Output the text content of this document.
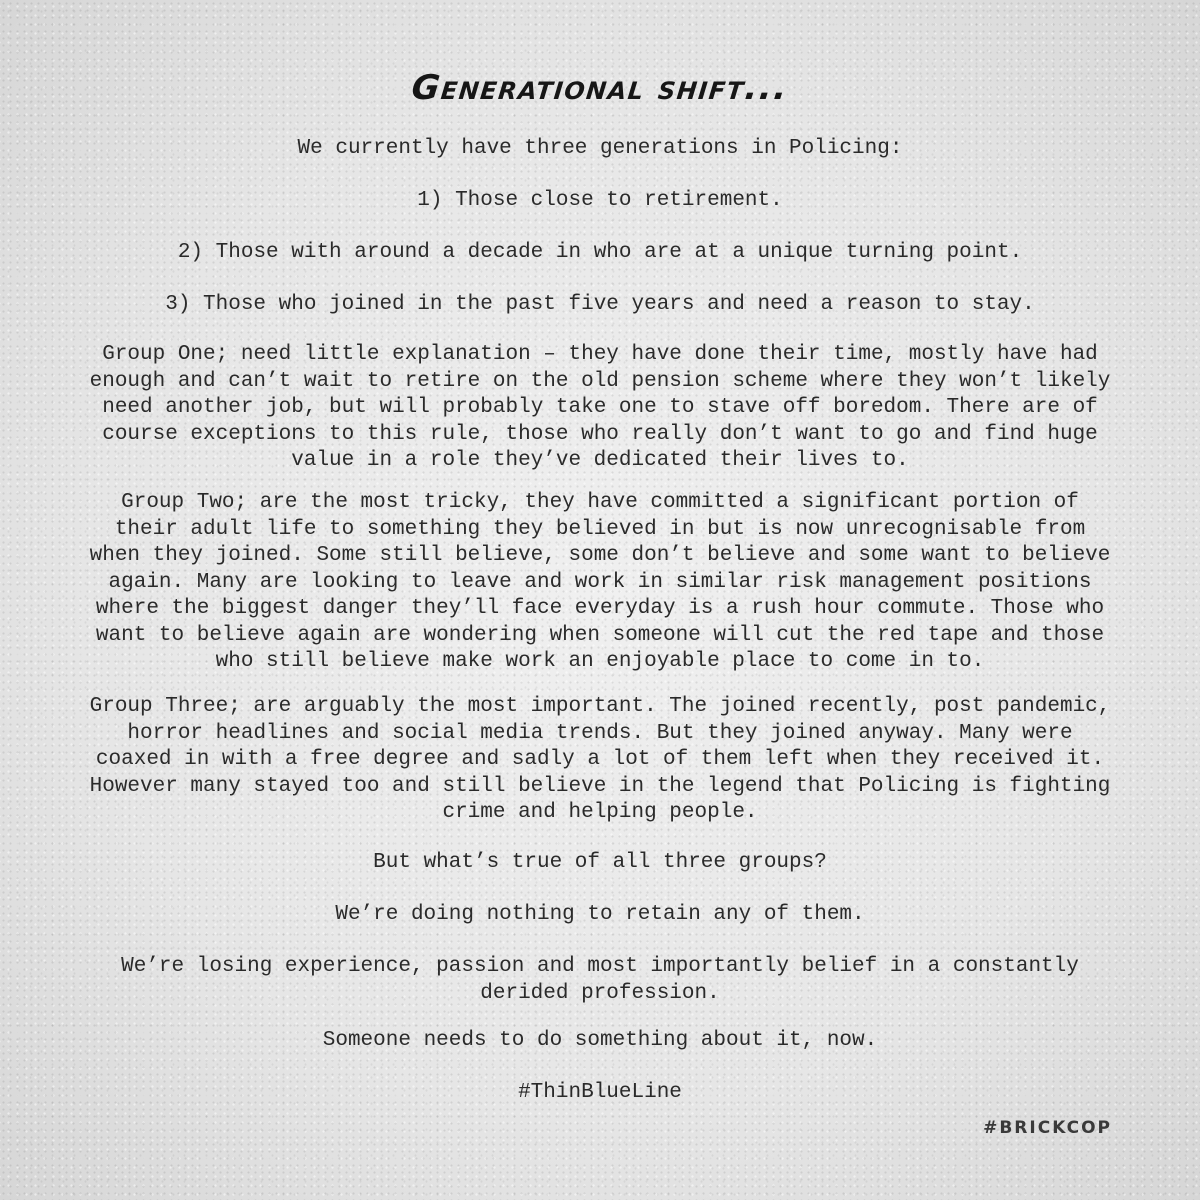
Generational shift...

We currently have three generations in Policing:

1) Those close to retirement.

2) Those with around a decade in who are at a unique turning point.

3) Those who joined in the past five years and need a reason to stay.

Group One; need little explanation – they have done their time, mostly have had
enough and can’t wait to retire on the old pension scheme where they won’t likely
need another job, but will probably take one to stave off boredom. There are of
course exceptions to this rule, those who really don’t want to go and find huge
value in a role they’ve dedicated their lives to.

Group Two; are the most tricky, they have committed a significant portion of
their adult life to something they believed in but is now unrecognisable from
when they joined. Some still believe, some don’t believe and some want to believe
again. Many are looking to leave and work in similar risk management positions
where the biggest danger they’ll face everyday is a rush hour commute. Those who
want to believe again are wondering when someone will cut the red tape and those
who still believe make work an enjoyable place to come in to.

Group Three; are arguably the most important. The joined recently, post pandemic,
horror headlines and social media trends. But they joined anyway. Many were
coaxed in with a free degree and sadly a lot of them left when they received it.
However many stayed too and still believe in the legend that Policing is fighting
crime and helping people.

But what’s true of all three groups?

We’re doing nothing to retain any of them.

We’re losing experience, passion and most importantly belief in a constantly
derided profession.

Someone needs to do something about it, now.

#ThinBlueLine

#BRICKCOP
